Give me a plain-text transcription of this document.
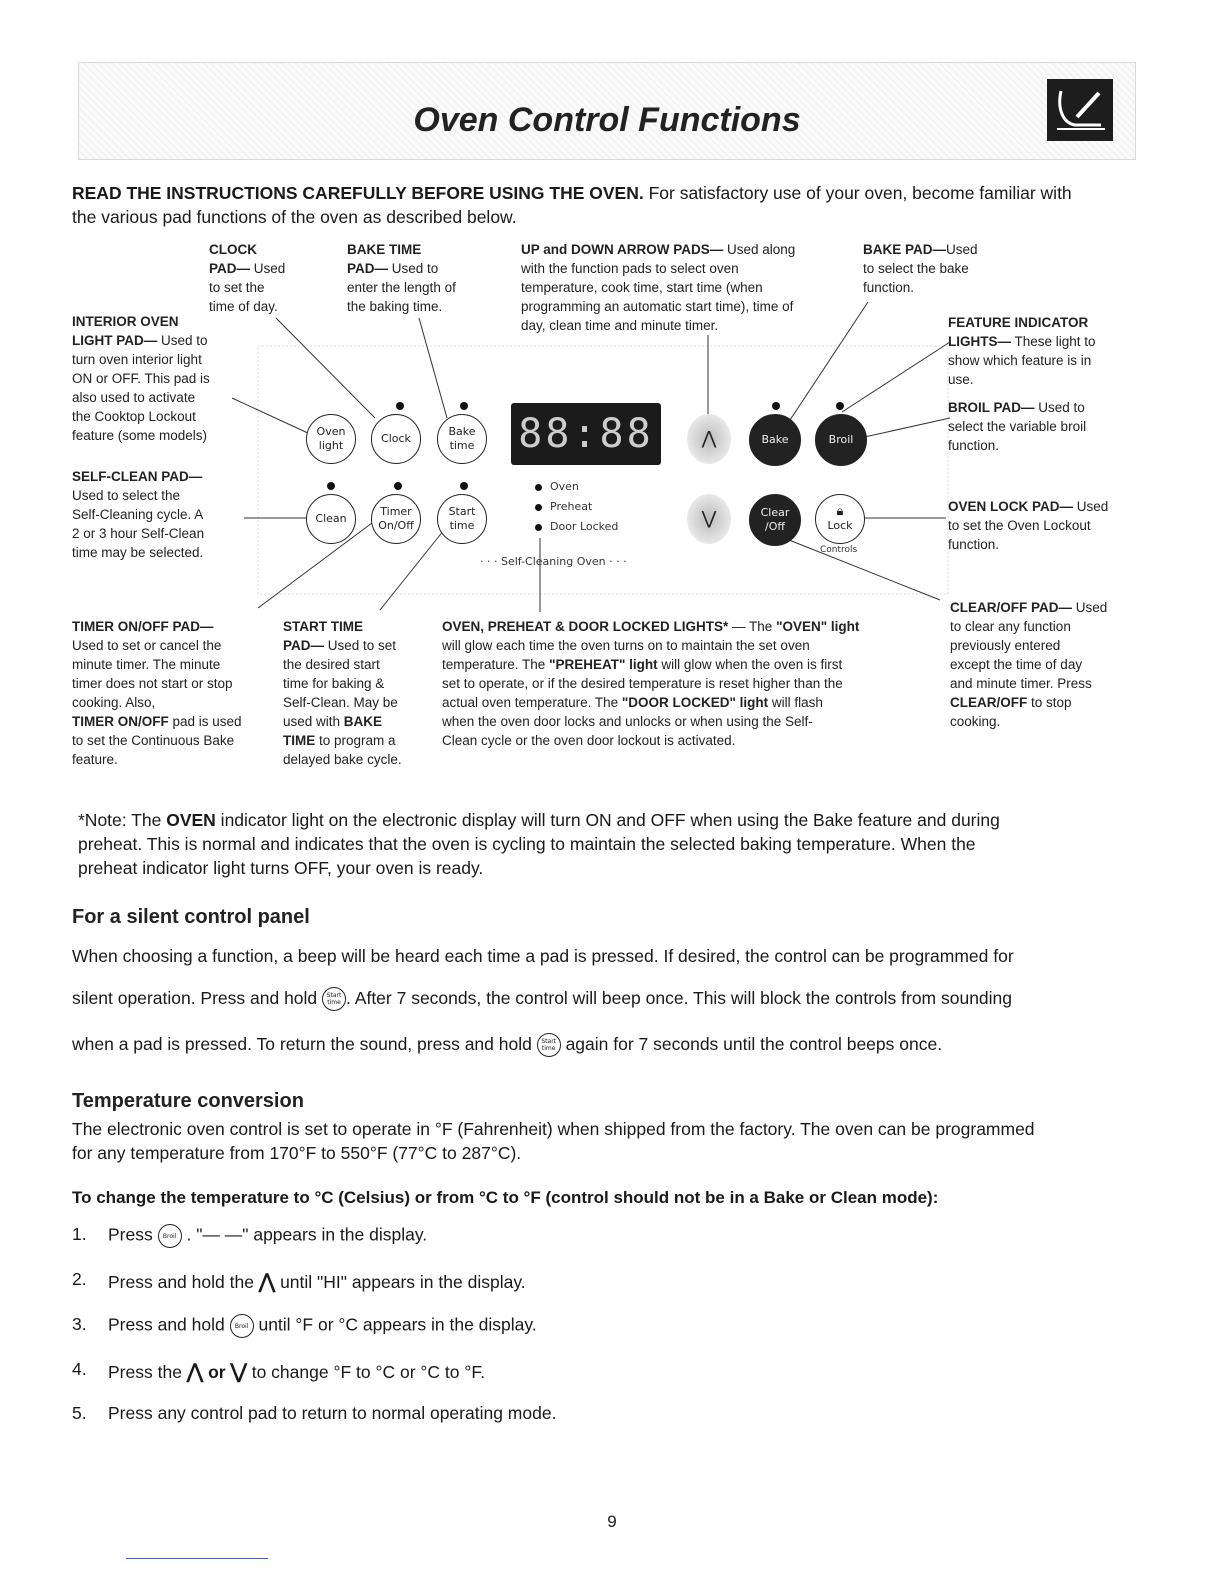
Oven Control Functions
READ THE INSTRUCTIONS CAREFULLY BEFORE USING THE OVEN. For satisfactory use of your oven, become familiar with
the various pad functions of the oven as described below.
CLOCK
PAD— Used
to set the
time of day.
BAKE TIME
PAD— Used to
enter the length of
the baking time.
UP and DOWN ARROW PADS— Used along
with the function pads to select oven
temperature, cook time, start time (when
programming an automatic start time), time of
day, clean time and minute timer.
BAKE PAD—Used
to select the bake
function.
INTERIOR OVEN
LIGHT PAD— Used to
turn oven interior light
ON or OFF. This pad is
also used to activate
the Cooktop Lockout
feature (some models)
FEATURE INDICATOR
LIGHTS— These light to
show which feature is in
use.
BROIL PAD— Used to
select the variable broil
function.
SELF-CLEAN PAD—
Used to select the
Self-Cleaning cycle. A
2 or 3 hour Self-Clean
time may be selected.
OVEN LOCK PAD— Used
to set the Oven Lockout
function.
CLEAR/OFF PAD— Used
to clear any function
previously entered
except the time of day
and minute timer. Press
CLEAR/OFF to stop
cooking.
TIMER ON/OFF PAD—
Used to set or cancel the
minute timer. The minute
timer does not start or stop
cooking. Also,
TIMER ON/OFF pad is used
to set the Continuous Bake
feature.
START TIME
PAD— Used to set
the desired start
time for baking &
Self-Clean. May be
used with BAKE
TIME to program a
delayed bake cycle.
OVEN, PREHEAT & DOOR LOCKED LIGHTS* — The "OVEN" light
will glow each time the oven turns on to maintain the set oven
temperature. The "PREHEAT" light will glow when the oven is first
set to operate, or if the desired temperature is reset higher than the
actual oven temperature. The "DOOR LOCKED" light will flash
when the oven door locks and unlocks or when using the Self-
Clean cycle or the oven door lockout is activated.
Oven
light
Clock
Bake
time 88:88	⋀	Bake	Broil
Clean
Timer
On/Off
Start
time
Oven
Preheat
Door Locked
· · · Self-Cleaning Oven · · ·
⋁	Clear
/Off
🔒︎
Lock
Controls
*Note: The OVEN indicator light on the electronic display will turn ON and OFF when using the Bake feature and during
preheat. This is normal and indicates that the oven is cycling to maintain the selected baking temperature. When the
preheat indicator light turns OFF, your oven is ready.
For a silent control panel
When choosing a function, a beep will be heard each time a pad is pressed. If desired, the control can be programmed for
silent operation. Press and hold Start
time . After 7 seconds, the control will beep once. This will block the controls from sounding
when a pad is pressed. To return the sound, press and hold Start
time again for 7 seconds until the control beeps once.
Temperature conversion
The electronic oven control is set to operate in °F (Fahrenheit) when shipped from the factory. The oven can be programmed
for any temperature from 170°F to 550°F (77°C to 287°C).
To change the temperature to °C (Celsius) or from °C to °F (control should not be in a Bake or Clean mode):
1. Press Broil . "— —" appears in the display.
2. Press and hold the ⋀ until "HI" appears in the display.
3. Press and hold Broil until °F or °C appears in the display.
4. Press the ⋀ or ⋁ to change °F to °C or °C to °F.
5. Press any control pad to return to normal operating mode.
9
